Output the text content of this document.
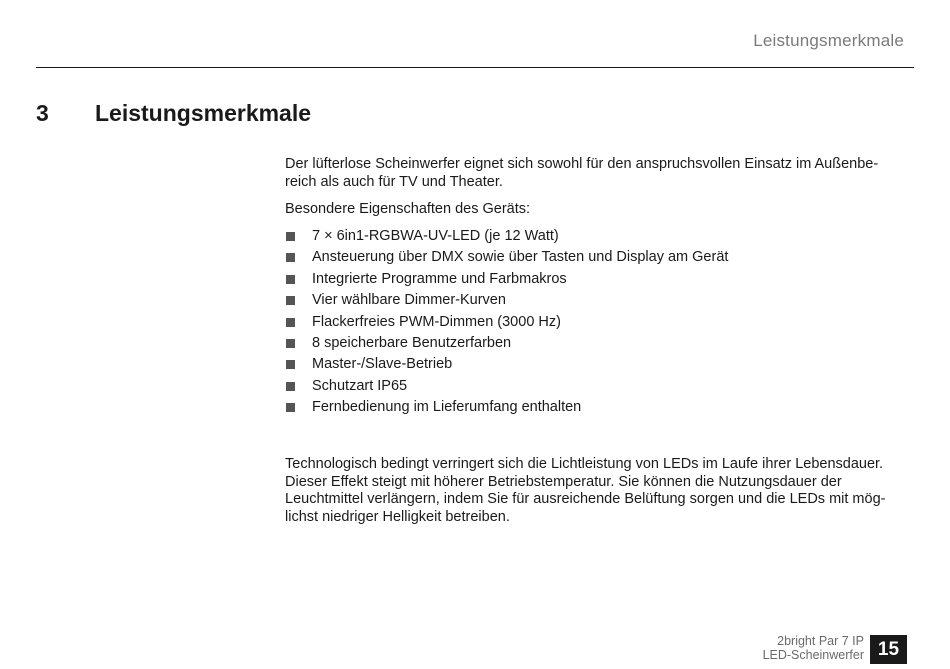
Leistungsmerkmale
3 Leistungsmerkmale
Der lüfterlose Scheinwerfer eignet sich sowohl für den anspruchsvollen Einsatz im Außenbe- reich als auch für TV und Theater.
Besondere Eigenschaften des Geräts:
7 × 6in1-RGBWA-UV-LED (je 12 Watt)
Ansteuerung über DMX sowie über Tasten und Display am Gerät
Integrierte Programme und Farbmakros
Vier wählbare Dimmer-Kurven
Flackerfreies PWM-Dimmen (3000 Hz)
8 speicherbare Benutzerfarben
Master-/Slave-Betrieb
Schutzart IP65
Fernbedienung im Lieferumfang enthalten
Technologisch bedingt verringert sich die Lichtleistung von LEDs im Laufe ihrer Lebensdauer. Dieser Effekt steigt mit höherer Betriebstemperatur. Sie können die Nutzungsdauer der Leuchtmittel verlängern, indem Sie für ausreichende Belüftung sorgen und die LEDs mit mög- lichst niedriger Helligkeit betreiben.
2bright Par 7 IP
LED-Scheinwerfer 15
